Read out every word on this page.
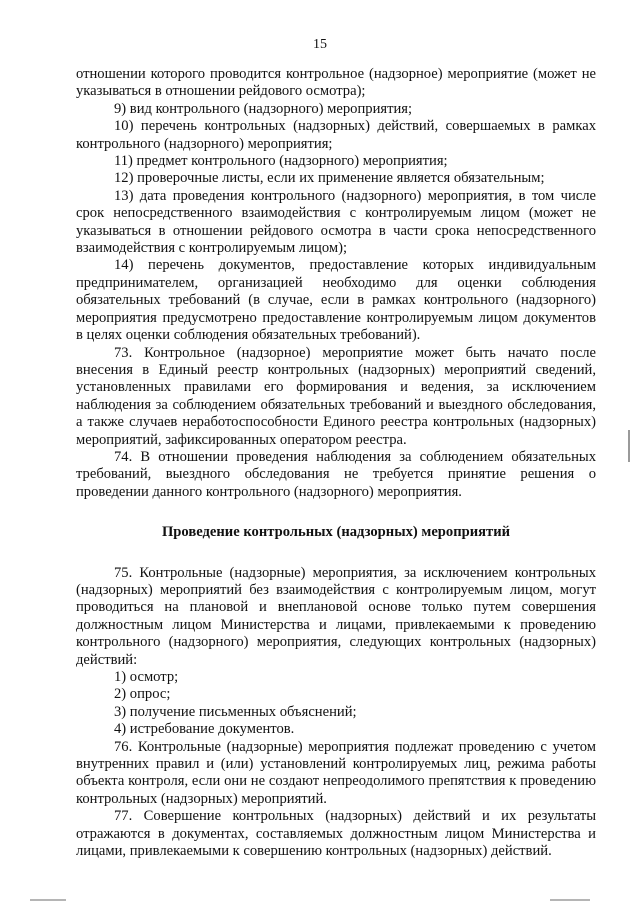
15

отношении которого проводится контрольное (надзорное) мероприятие (может не указываться в отношении рейдового осмотра);

9) вид контрольного (надзорного) мероприятия;

10) перечень контрольных (надзорных) действий, совершаемых в рамках контрольного (надзорного) мероприятия;

11) предмет контрольного (надзорного) мероприятия;

12) проверочные листы, если их применение является обязательным;

13) дата проведения контрольного (надзорного) мероприятия, в том числе срок непосредственного взаимодействия с контролируемым лицом (может не указываться в отношении рейдового осмотра в части срока непосредственного взаимодействия с контролируемым лицом);

14) перечень документов, предоставление которых индивидуальным предпринимателем, организацией необходимо для оценки соблюдения обязательных требований (в случае, если в рамках контрольного (надзорного) мероприятия предусмотрено предоставление контролируемым лицом документов в целях оценки соблюдения обязательных требований).

73. Контрольное (надзорное) мероприятие может быть начато после внесения в Единый реестр контрольных (надзорных) мероприятий сведений, установленных правилами его формирования и ведения, за исключением наблюдения за соблюдением обязательных требований и выездного обследования, а также случаев неработоспособности Единого реестра контрольных (надзорных) мероприятий, зафиксированных оператором реестра.

74. В отношении проведения наблюдения за соблюдением обязательных требований, выездного обследования не требуется принятие решения о проведении данного контрольного (надзорного) мероприятия.

Проведение контрольных (надзорных) мероприятий

75. Контрольные (надзорные) мероприятия, за исключением контрольных (надзорных) мероприятий без взаимодействия с контролируемым лицом, могут проводиться на плановой и внеплановой основе только путем совершения должностным лицом Министерства и лицами, привлекаемыми к проведению контрольного (надзорного) мероприятия, следующих контрольных (надзорных) действий:

1) осмотр;

2) опрос;

3) получение письменных объяснений;

4) истребование документов.

76. Контрольные (надзорные) мероприятия подлежат проведению с учетом внутренних правил и (или) установлений контролируемых лиц, режима работы объекта контроля, если они не создают непреодолимого препятствия к проведению контрольных (надзорных) мероприятий.

77. Совершение контрольных (надзорных) действий и их результаты отражаются в документах, составляемых должностным лицом Министерства и лицами, привлекаемыми к совершению контрольных (надзорных) действий.
